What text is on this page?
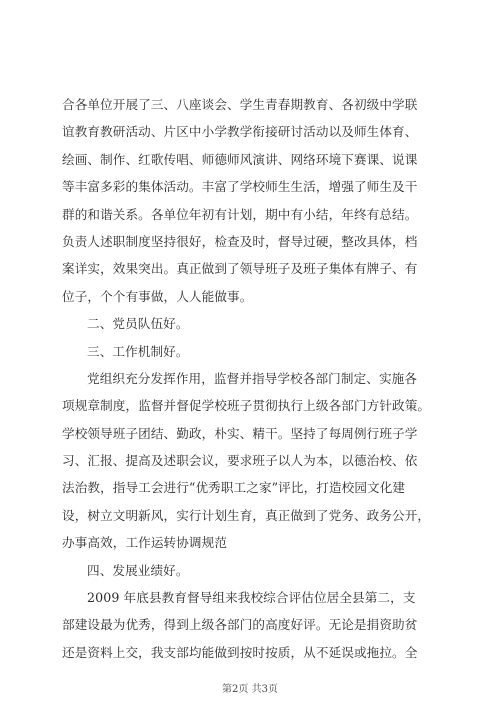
合各单位开展了三、八座谈会、学生青春期教育、各初级中学联
谊教育教研活动、片区中小学教学衔接研讨活动以及师生体育、
绘画、制作、红歌传唱、师德师风演讲、网络环境下赛课、说课
等丰富多彩的集体活动。丰富了学校师生生活，增强了师生及干
群的和谐关系。各单位年初有计划，期中有小结，年终有总结。
负责人述职制度坚持很好，检查及时，督导过硬，整改具体，档
案详实，效果突出。真正做到了领导班子及班子集体有牌子、有
位子，个个有事做，人人能做事。
二、党员队伍好。
三、工作机制好。
党组织充分发挥作用，监督并指导学校各部门制定、实施各
项规章制度，监督并督促学校班子贯彻执行上级各部门方针政策。
学校领导班子团结、勤政，朴实、精干。坚持了每周例行班子学
习、汇报、提高及述职会议，要求班子以人为本，以德治校、依
法治教，指导工会进行“优秀职工之家”评比，打造校园文化建
设，树立文明新风，实行计划生育，真正做到了党务、政务公开，
办事高效，工作运转协调规范
四、发展业绩好。
2009 年底县教育督导组来我校综合评估位居全县第二，支
部建设最为优秀，得到上级各部门的高度好评。无论是捐资助贫
还是资料上交，我支部均能做到按时按质，从不延误或拖拉。全
第2页 共3页
